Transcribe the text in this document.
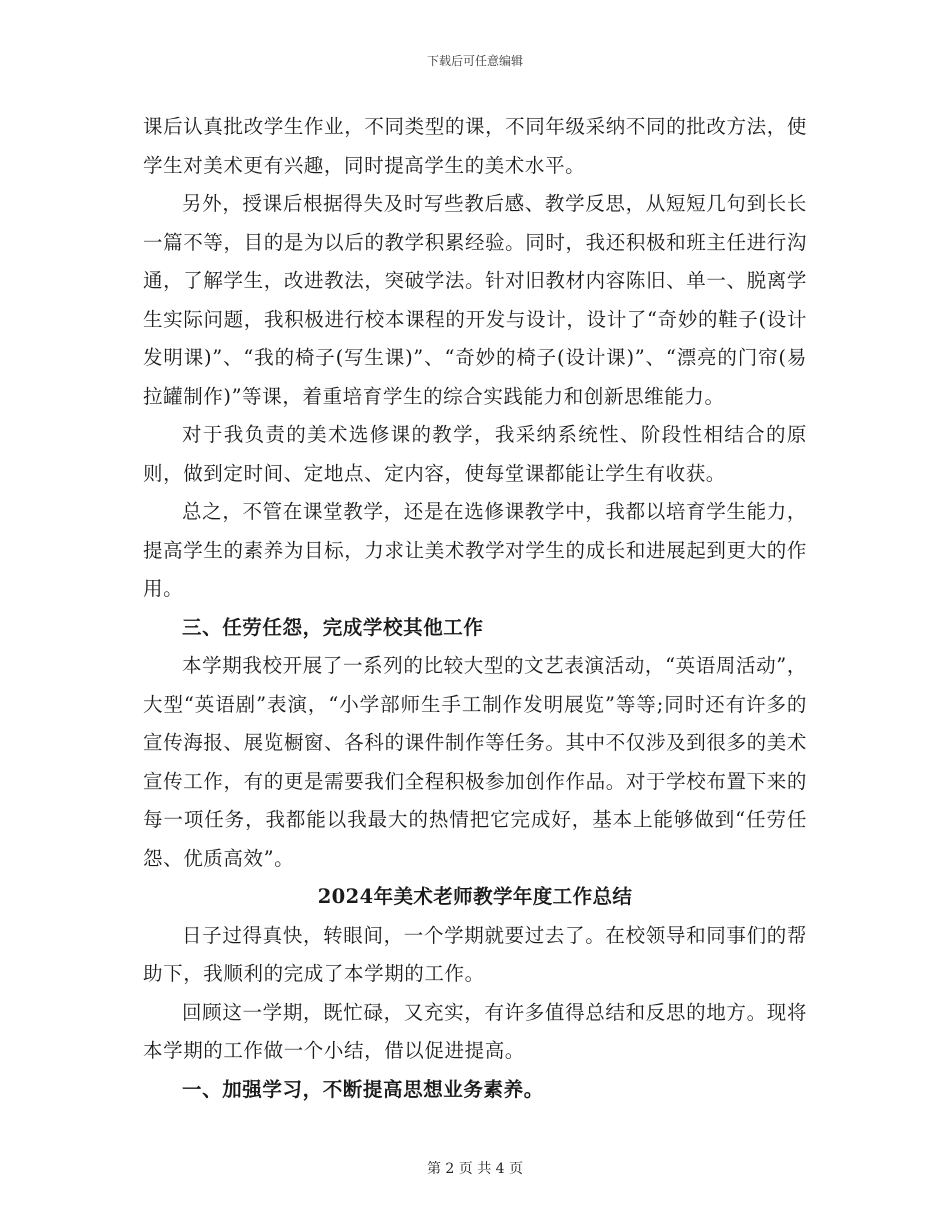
下载后可任意编辑

课后认真批改学生作业，不同类型的课，不同年级采纳不同的批改方法，使学生对美术更有兴趣，同时提高学生的美术水平。

另外，授课后根据得失及时写些教后感、教学反思，从短短几句到长长一篇不等，目的是为以后的教学积累经验。同时，我还积极和班主任进行沟通，了解学生，改进教法，突破学法。针对旧教材内容陈旧、单一、脱离学生实际问题，我积极进行校本课程的开发与设计，设计了“奇妙的鞋子(设计发明课)”、“我的椅子(写生课)”、“奇妙的椅子(设计课)”、“漂亮的门帘(易拉罐制作)”等课，着重培育学生的综合实践能力和创新思维能力。

对于我负责的美术选修课的教学，我采纳系统性、阶段性相结合的原则，做到定时间、定地点、定内容，使每堂课都能让学生有收获。

总之，不管在课堂教学，还是在选修课教学中，我都以培育学生能力，提高学生的素养为目标，力求让美术教学对学生的成长和进展起到更大的作用。

三、任劳任怨，完成学校其他工作

本学期我校开展了一系列的比较大型的文艺表演活动，“英语周活动”，大型“英语剧”表演，“小学部师生手工制作发明展览”等等;同时还有许多的宣传海报、展览橱窗、各科的课件制作等任务。其中不仅涉及到很多的美术宣传工作，有的更是需要我们全程积极参加创作作品。对于学校布置下来的每一项任务，我都能以我最大的热情把它完成好，基本上能够做到“任劳任怨、优质高效”。

2024年美术老师教学年度工作总结

日子过得真快，转眼间，一个学期就要过去了。在校领导和同事们的帮助下，我顺利的完成了本学期的工作。

回顾这一学期，既忙碌，又充实，有许多值得总结和反思的地方。现将本学期的工作做一个小结，借以促进提高。

一、加强学习，不断提高思想业务素养。

第 2 页 共 4 页
